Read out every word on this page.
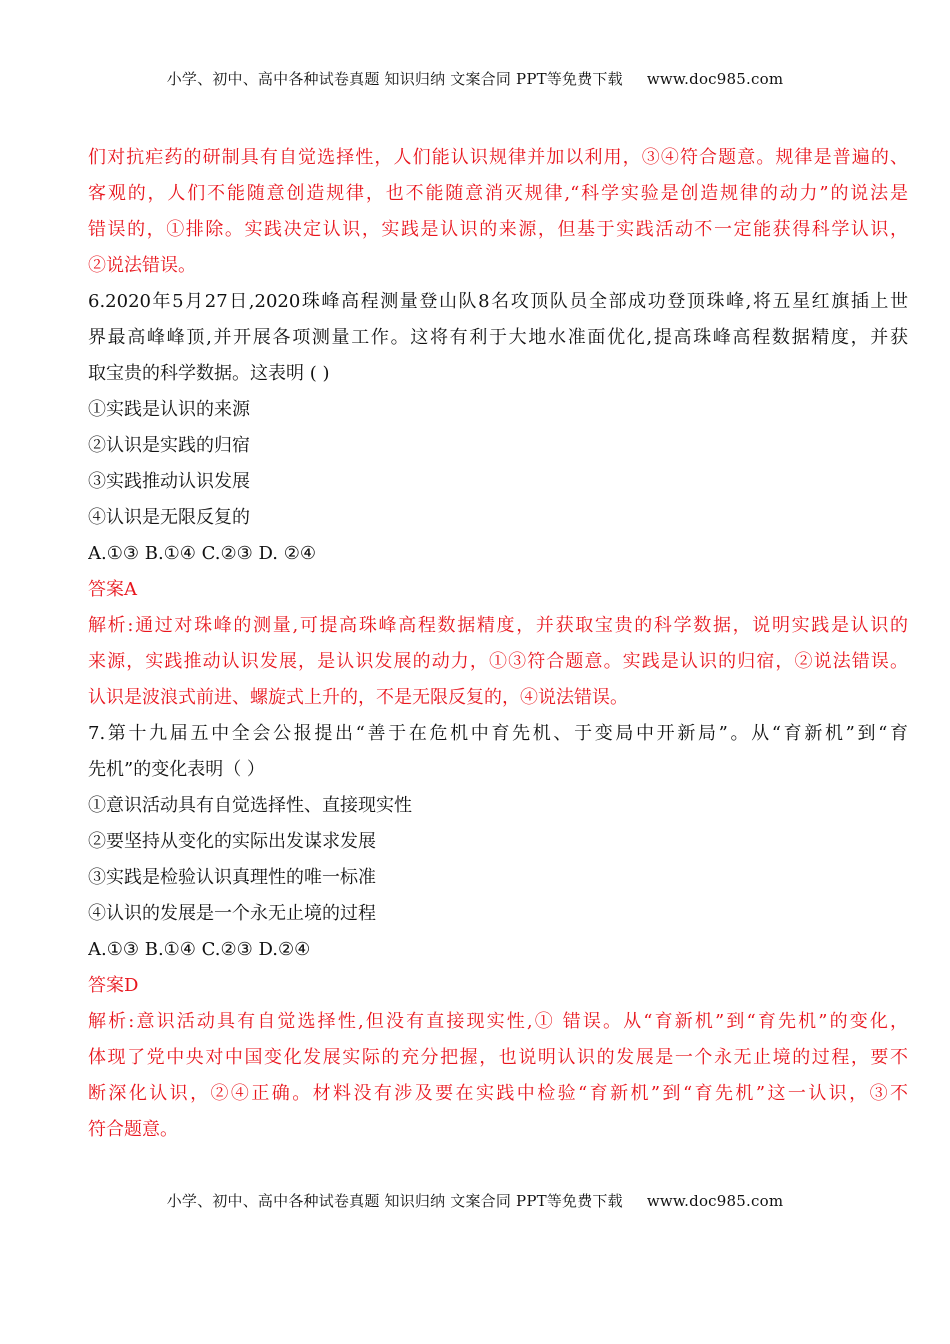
小学、初中、高中各种试卷真题 知识归纳 文案合同 PPT等免费下载 www.doc985.com
们对抗疟药的研制具有自觉选择性，人们能认识规律并加以利用，③④符合题意。规律是普遍的、
客观的，人们不能随意创造规律，也不能随意消灭规律,“科学实验是创造规律的动力”的说法是
错误的，①排除。实践决定认识，实践是认识的来源，但基于实践活动不一定能获得科学认识，
②说法错误。
6.2020年5月27日,2020珠峰高程测量登山队8名攻顶队员全部成功登顶珠峰,将五星红旗插上世
界最高峰峰顶,并开展各项测量工作。这将有利于大地水准面优化,提高珠峰高程数据精度，并获
取宝贵的科学数据。这表明 ( )
①实践是认识的来源
②认识是实践的归宿
③实践推动认识发展
④认识是无限反复的
A.①③ B.①④ C.②③ D. ②④
答案A
解析:通过对珠峰的测量,可提高珠峰高程数据精度，并获取宝贵的科学数据，说明实践是认识的
来源，实践推动认识发展，是认识发展的动力，①③符合题意。实践是认识的归宿，②说法错误。
认识是波浪式前进、螺旋式上升的，不是无限反复的，④说法错误。
7.第十九届五中全会公报提出“善于在危机中育先机、于变局中开新局”。从“育新机”到“育
先机”的变化表明（ ）
①意识活动具有自觉选择性、直接现实性
②要坚持从变化的实际出发谋求发展
③实践是检验认识真理性的唯一标准
④认识的发展是一个永无止境的过程
A.①③ B.①④ C.②③ D.②④
答案D
解析:意识活动具有自觉选择性,但没有直接现实性,① 错误。从“育新机”到“育先机”的变化，
体现了党中央对中国变化发展实际的充分把握，也说明认识的发展是一个永无止境的过程，要不
断深化认识，②④正确。材料没有涉及要在实践中检验“育新机”到“育先机”这一认识，③不
符合题意。
小学、初中、高中各种试卷真题 知识归纳 文案合同 PPT等免费下载 www.doc985.com
